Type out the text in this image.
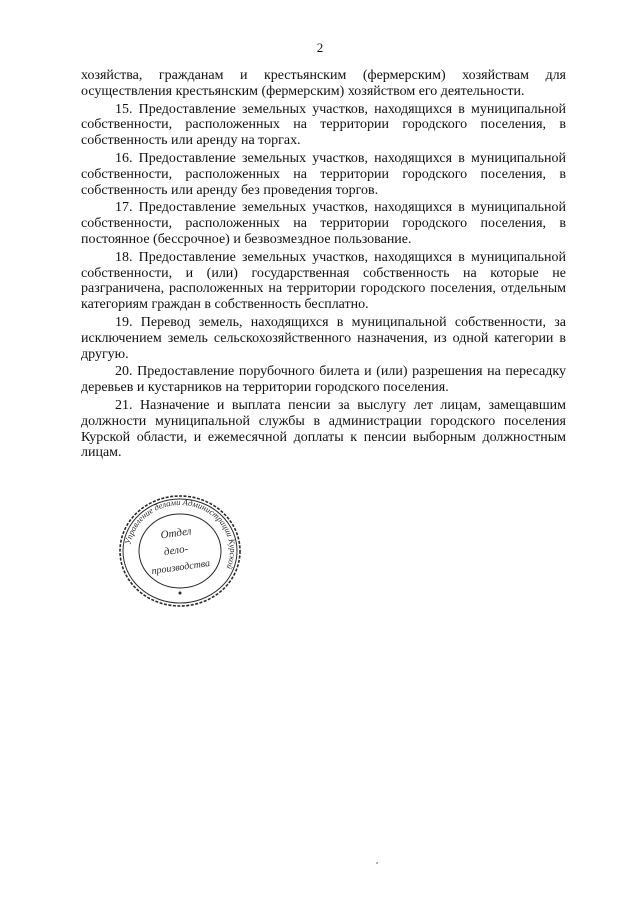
2

хозяйства, гражданам и крестьянским (фермерским) хозяйствам для осуществления крестьянским (фермерским) хозяйством его деятельности.

15. Предоставление земельных участков, находящихся в муниципальной собственности, расположенных на территории городского поселения, в собственность или аренду на торгах.

16. Предоставление земельных участков, находящихся в муниципальной собственности, расположенных на территории городского поселения, в собственность или аренду без проведения торгов.

17. Предоставление земельных участков, находящихся в муниципальной собственности, расположенных на территории городского поселения, в постоянное (бессрочное) и безвозмездное пользование.

18. Предоставление земельных участков, находящихся в муниципальной собственности, и (или) государственная собственность на которые не разграничена, расположенных на территории городского поселения, отдельным категориям граждан в собственность бесплатно.

19. Перевод земель, находящихся в муниципальной собственности, за исключением земель сельскохозяйственного назначения, из одной категории в другую.

20. Предоставление порубочного билета и (или) разрешения на пересадку деревьев и кустарников на территории городского поселения.

21. Назначение и выплата пенсии за выслугу лет лицам, замещавшим должности муниципальной службы в администрации городского поселения Курской области, и ежемесячной доплаты к пенсии выборным должностным лицам.

Управление делами Администрации Курской
Отдел
дело-
производства
